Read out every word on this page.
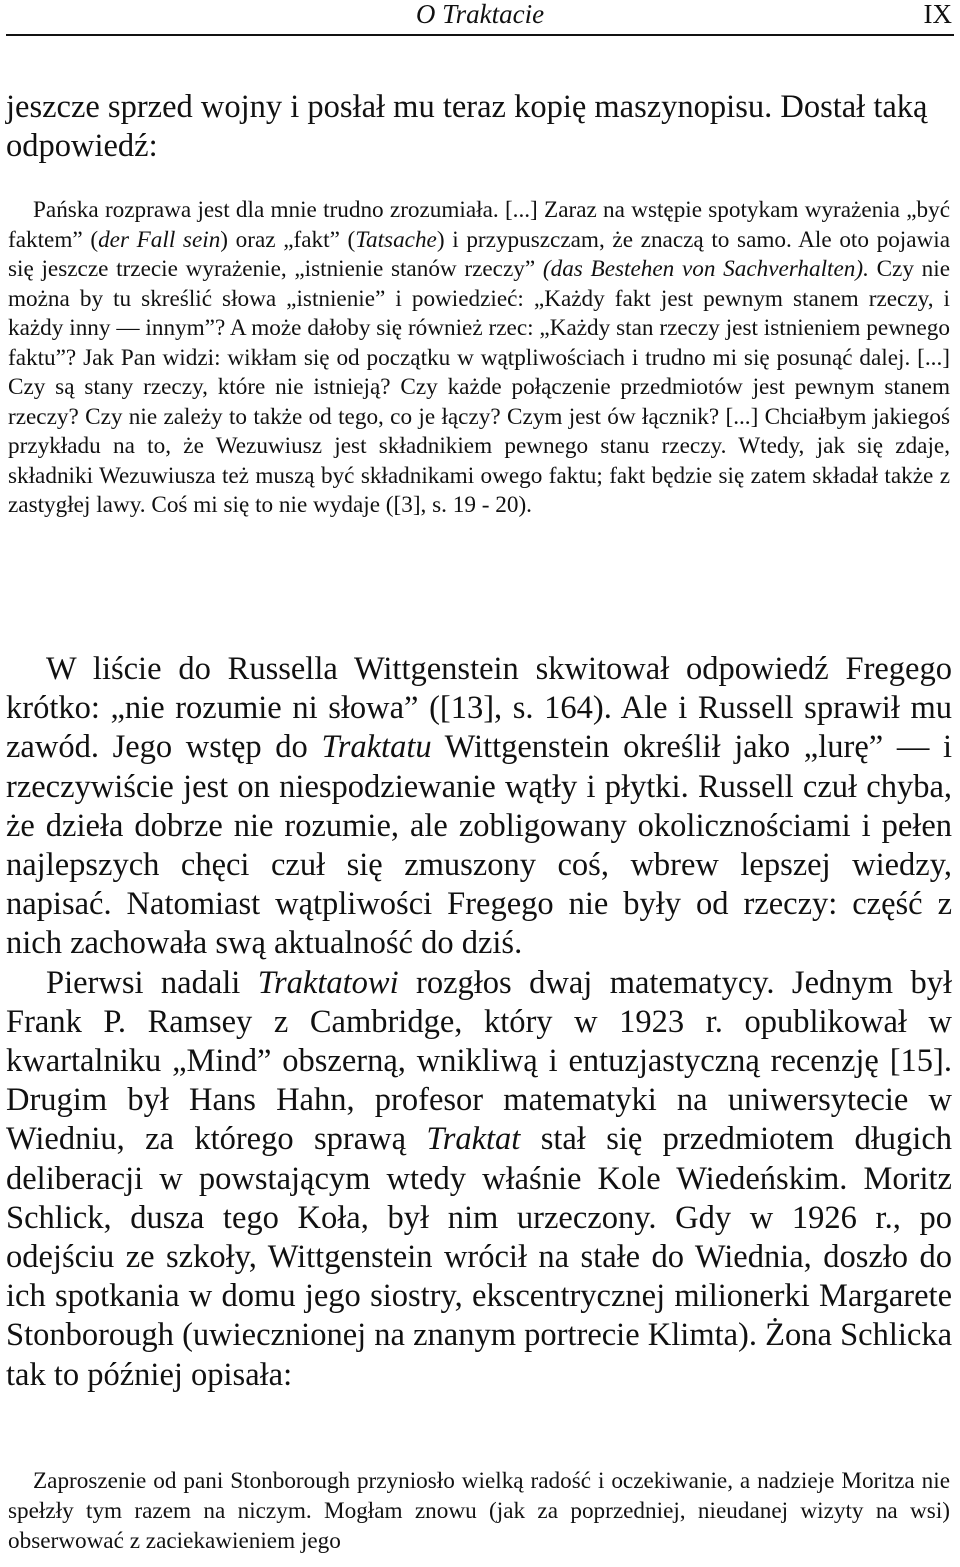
O Traktacie	IX

jeszcze sprzed wojny i posłał mu teraz kopię maszynopisu. Dostał taką odpowiedź:

Pańska rozprawa jest dla mnie trudno zrozumiała. [...] Zaraz na wstępie spotykam wyrażenia „być faktem” (der Fall sein) oraz „fakt” (Tatsache) i przypuszczam, że znaczą to samo. Ale oto pojawia się jeszcze trzecie wyrażenie, „istnienie stanów rzeczy” (das Bestehen von Sachverhalten). Czy nie można by tu skreślić słowa „istnienie” i powiedzieć: „Każdy fakt jest pewnym stanem rzeczy, i każdy inny — innym”? A może dałoby się również rzec: „Każdy stan rzeczy jest istnieniem pewnego faktu”? Jak Pan widzi: wikłam się od początku w wątpliwościach i trudno mi się posunąć dalej. [...] Czy są stany rzeczy, które nie istnieją? Czy każde połączenie przedmiotów jest pewnym stanem rzeczy? Czy nie zależy to także od tego, co je łączy? Czym jest ów łącznik? [...] Chciałbym jakiegoś przykładu na to, że Wezuwiusz jest składnikiem pewnego stanu rzeczy. Wtedy, jak się zdaje, składniki Wezuwiusza też muszą być składnikami owego faktu; fakt będzie się zatem składał także z zastygłej lawy. Coś mi się to nie wydaje ([3], s. 19 - 20).

W liście do Russella Wittgenstein skwitował odpowiedź Fregego krótko: „nie rozumie ni słowa” ([13], s. 164). Ale i Russell sprawił mu zawód. Jego wstęp do Traktatu Wittgenstein określił jako „lurę” — i rzeczywiście jest on niespodziewanie wątły i płytki. Russell czuł chyba, że dzieła dobrze nie rozumie, ale zobligowany okolicznościami i pełen najlepszych chęci czuł się zmuszony coś, wbrew lepszej wiedzy, napisać. Natomiast wątpliwości Fregego nie były od rzeczy: część z nich zachowała swą aktualność do dziś.

Pierwsi nadali Traktatowi rozgłos dwaj matematycy. Jednym był Frank P. Ramsey z Cambridge, który w 1923 r. opublikował w kwartalniku „Mind” obszerną, wnikliwą i entuzjastyczną recenzję [15]. Drugim był Hans Hahn, profesor matematyki na uniwersytecie w Wiedniu, za którego sprawą Traktat stał się przedmiotem długich deliberacji w powstającym wtedy właśnie Kole Wiedeńskim. Moritz Schlick, dusza tego Koła, był nim urzeczony. Gdy w 1926 r., po odejściu ze szkoły, Wittgenstein wrócił na stałe do Wiednia, doszło do ich spotkania w domu jego siostry, ekscentrycznej milionerki Margarete Stonborough (uwiecznionej na znanym portrecie Klimta). Żona Schlicka tak to później opisała:

Zaproszenie od pani Stonborough przyniosło wielką radość i oczekiwanie, a nadzieje Moritza nie spełzły tym razem na niczym. Mogłam znowu (jak za poprzedniej, nieudanej wizyty na wsi) obserwować z zaciekawieniem jego
